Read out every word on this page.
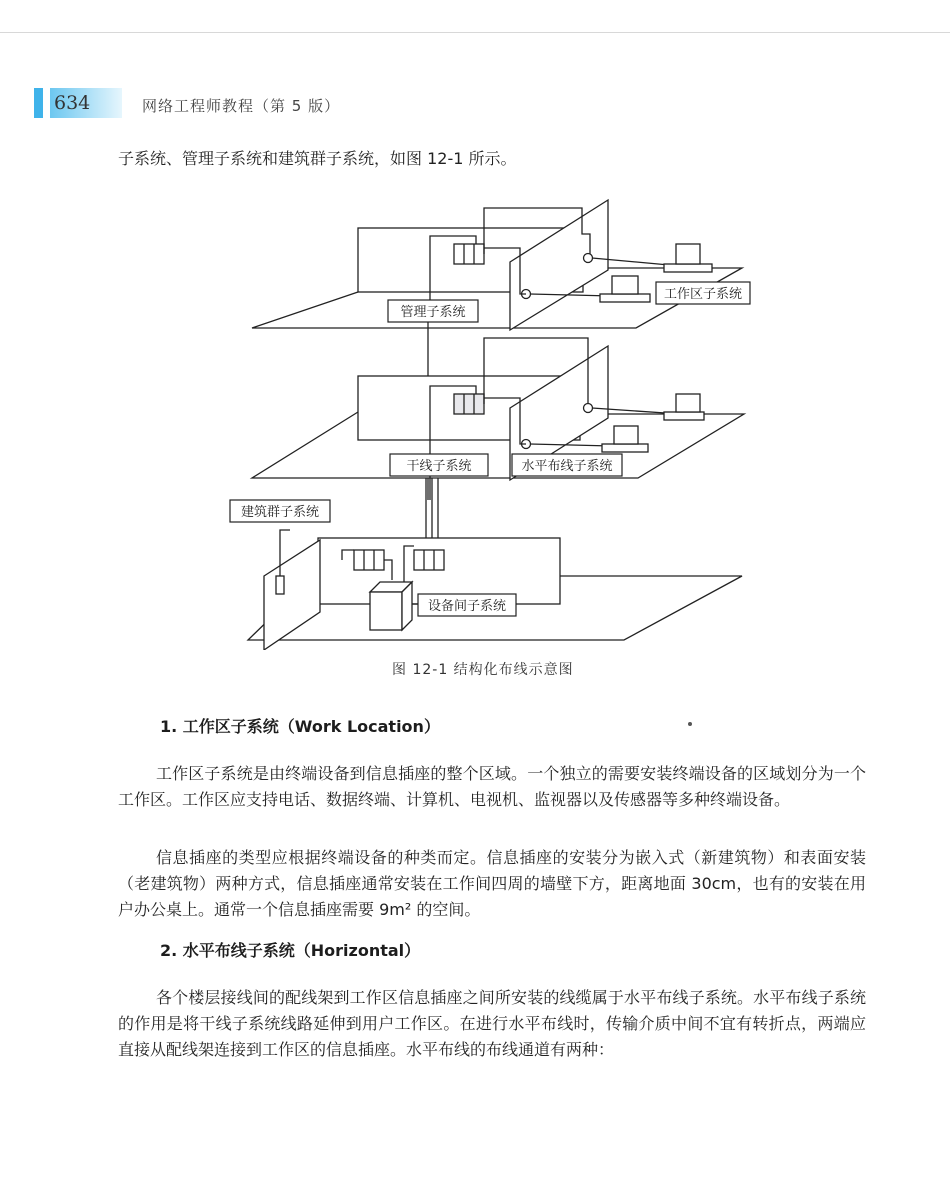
634	网络工程师教程（第 5 版）
子系统、管理子系统和建筑群子系统，如图 12-1 所示。
管理子系统
工作区子系统
干线子系统	水平布线子系统
建筑群子系统
设备间子系统
图 12-1 结构化布线示意图
1. 工作区子系统（Work Location）
工作区子系统是由终端设备到信息插座的整个区域。一个独立的需要安装终端设备的区域划分为一个工作区。工作区应支持电话、数据终端、计算机、电视机、监视器以及传感器等多种终端设备。
信息插座的类型应根据终端设备的种类而定。信息插座的安装分为嵌入式（新建筑物）和表面安装（老建筑物）两种方式，信息插座通常安装在工作间四周的墙壁下方，距离地面 30cm，也有的安装在用户办公桌上。通常一个信息插座需要 9m² 的空间。
2. 水平布线子系统（Horizontal）
各个楼层接线间的配线架到工作区信息插座之间所安装的线缆属于水平布线子系统。水平布线子系统的作用是将干线子系统线路延伸到用户工作区。在进行水平布线时，传输介质中间不宜有转折点，两端应直接从配线架连接到工作区的信息插座。水平布线的布线通道有两种：
